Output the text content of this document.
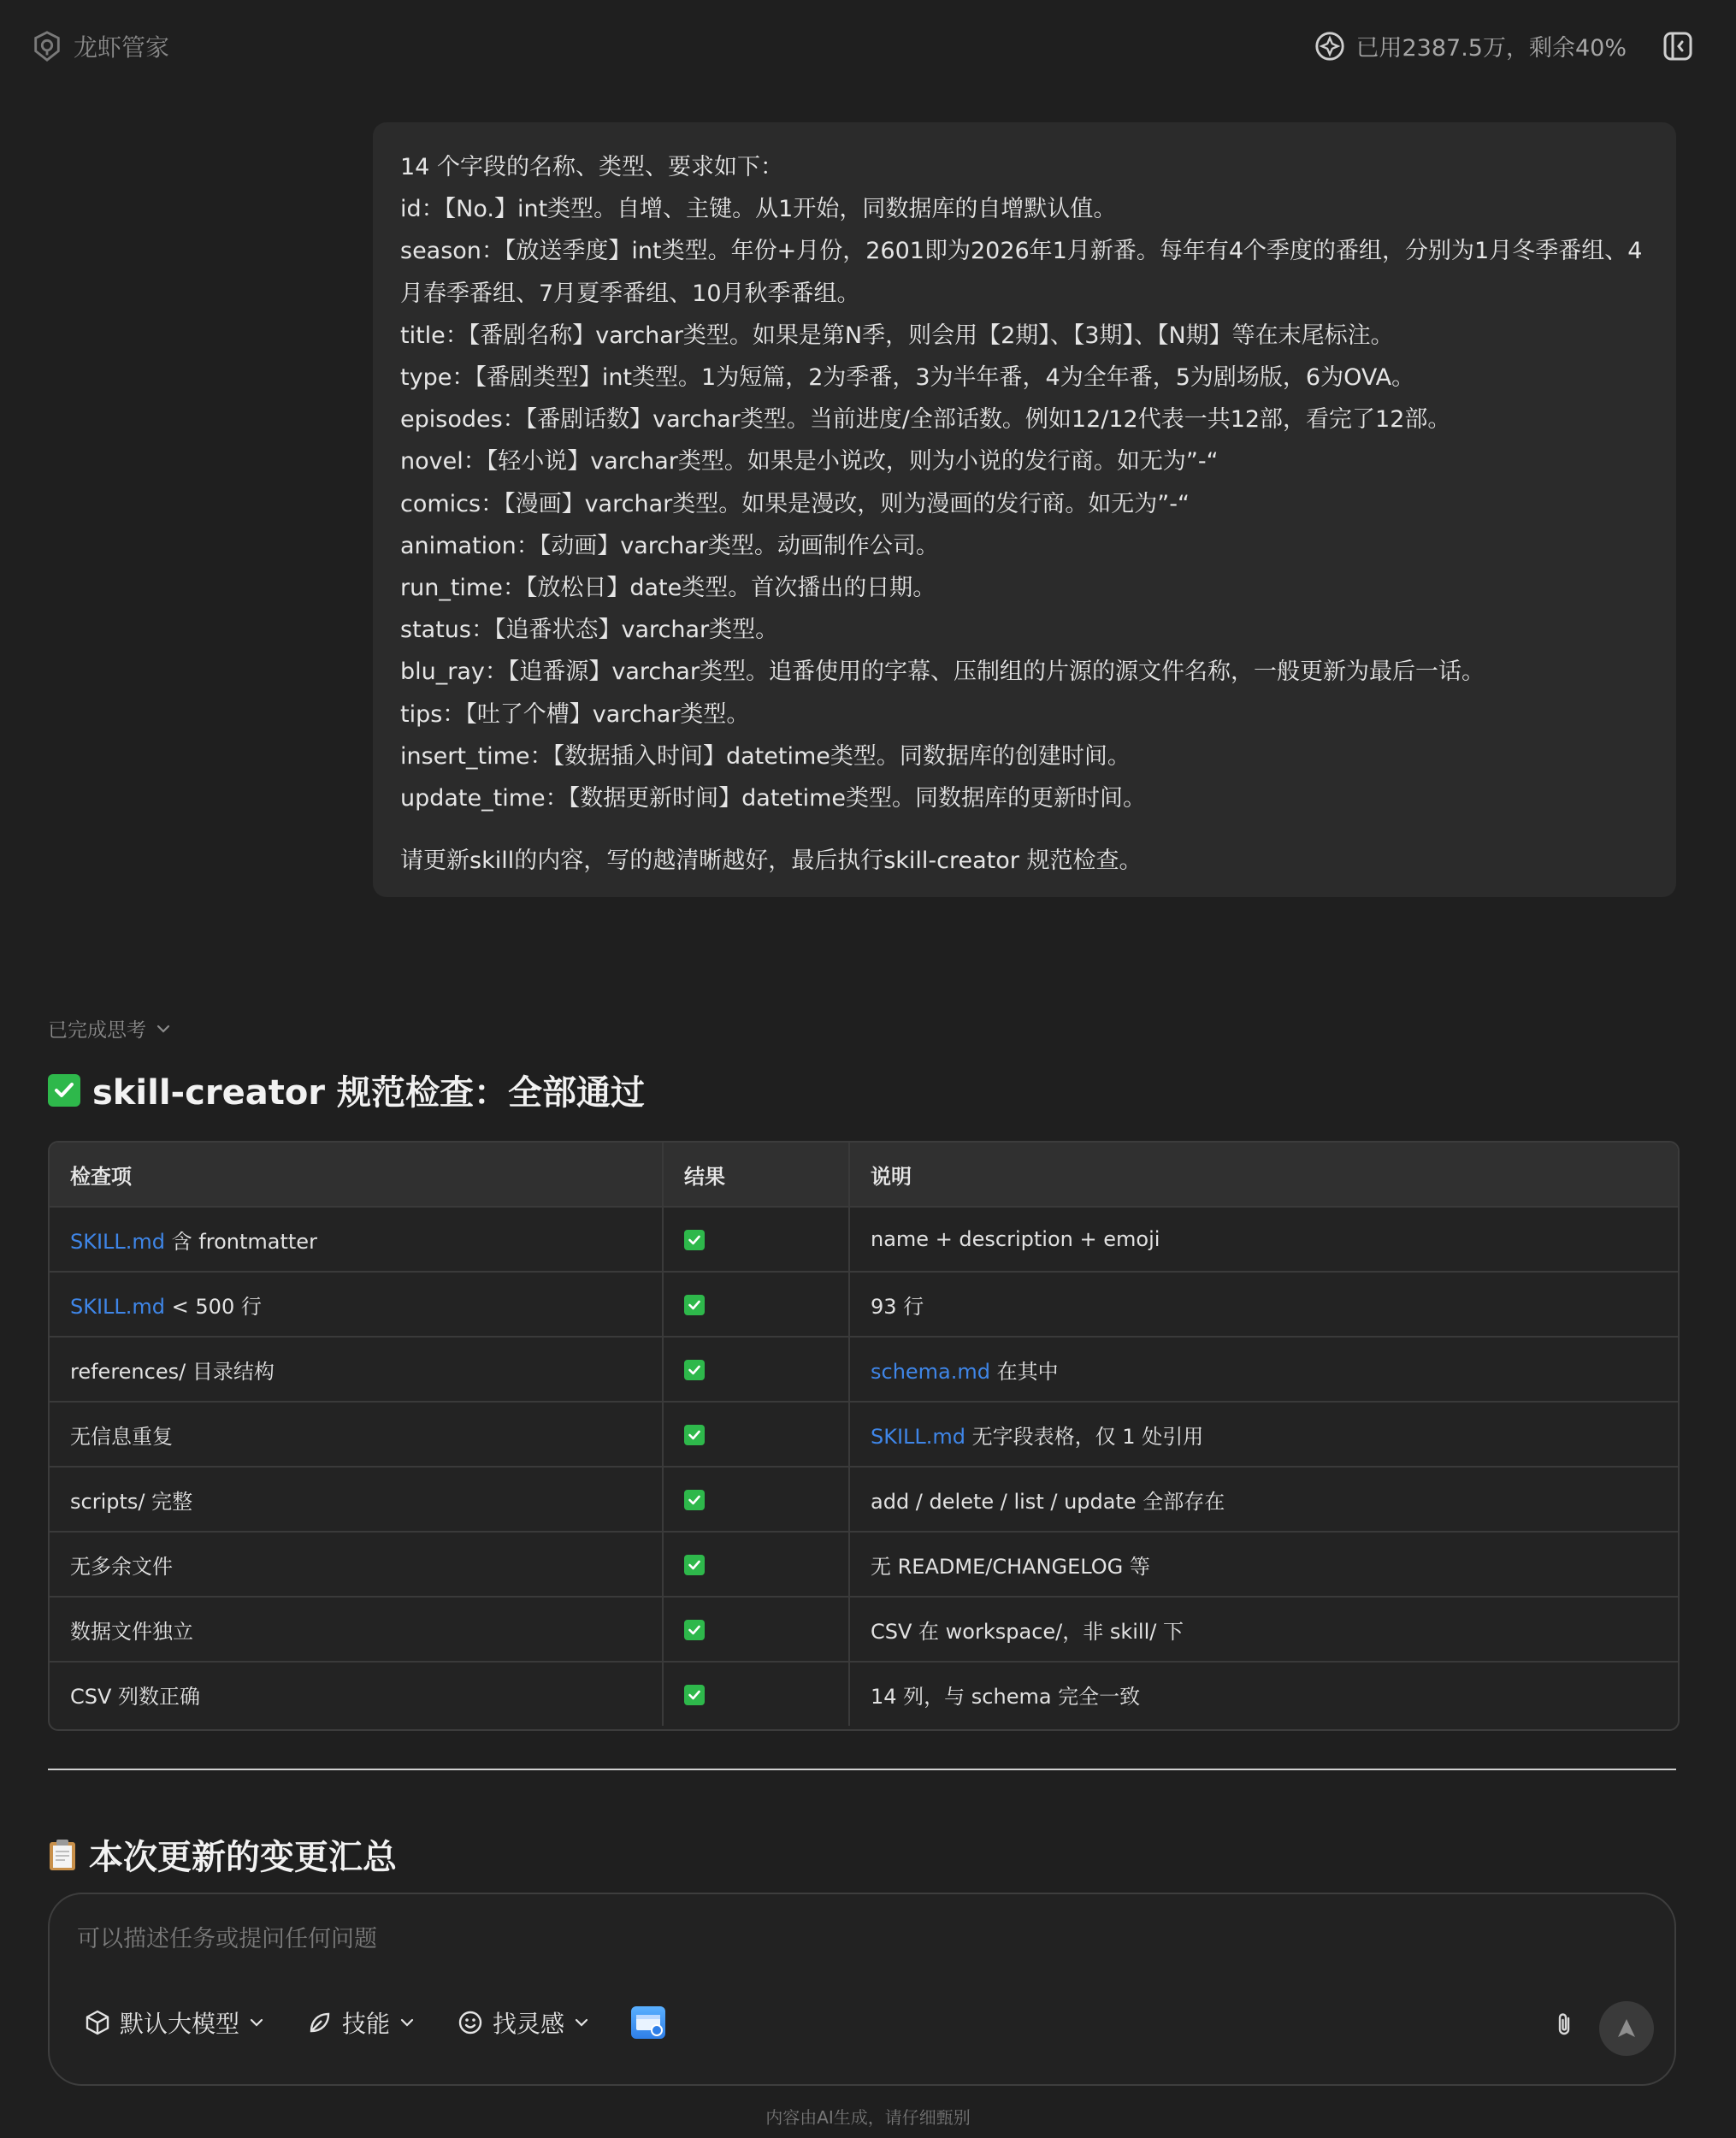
龙虾管家	已用2387.5万，剩余40%
14 个字段的名称、类型、要求如下：
id：【No.】int类型。自增、主键。从1开始，同数据库的自增默认值。
season：【放送季度】int类型。年份+月份，2601即为2026年1月新番。每年有4个季度的番组，分别为1月冬季番组、4月春季番组、7月夏季番组、10月秋季番组。
title：【番剧名称】varchar类型。如果是第N季，则会用【2期】、【3期】、【N期】等在末尾标注。
type：【番剧类型】int类型。1为短篇，2为季番，3为半年番，4为全年番，5为剧场版，6为OVA。
episodes：【番剧话数】varchar类型。当前进度/全部话数。例如12/12代表一共12部，看完了12部。
novel：【轻小说】varchar类型。如果是小说改，则为小说的发行商。如无为”-“
comics：【漫画】varchar类型。如果是漫改，则为漫画的发行商。如无为”-“
animation：【动画】varchar类型。动画制作公司。
run_time：【放松日】date类型。首次播出的日期。
status：【追番状态】varchar类型。
blu_ray：【追番源】varchar类型。追番使用的字幕、压制组的片源的源文件名称，一般更新为最后一话。
tips：【吐了个槽】varchar类型。
insert_time：【数据插入时间】datetime类型。同数据库的创建时间。
update_time：【数据更新时间】datetime类型。同数据库的更新时间。
请更新skill的内容，写的越清晰越好，最后执行skill-creator 规范检查。
已完成思考
skill-creator 规范检查：全部通过
检查项	结果	说明
SKILL.md 含 frontmatter		name + description + emoji
SKILL.md < 500 行		93 行
references/ 目录结构		schema.md 在其中
无信息重复		SKILL.md 无字段表格，仅 1 处引用
scripts/ 完整		add / delete / list / update 全部存在
无多余文件		无 README/CHANGELOG 等
数据文件独立		CSV 在 workspace/，非 skill/ 下
CSV 列数正确		14 列，与 schema 完全一致
本次更新的变更汇总
可以描述任务或提问任何问题
默认大模型	技能	找灵感
内容由AI生成，请仔细甄别
